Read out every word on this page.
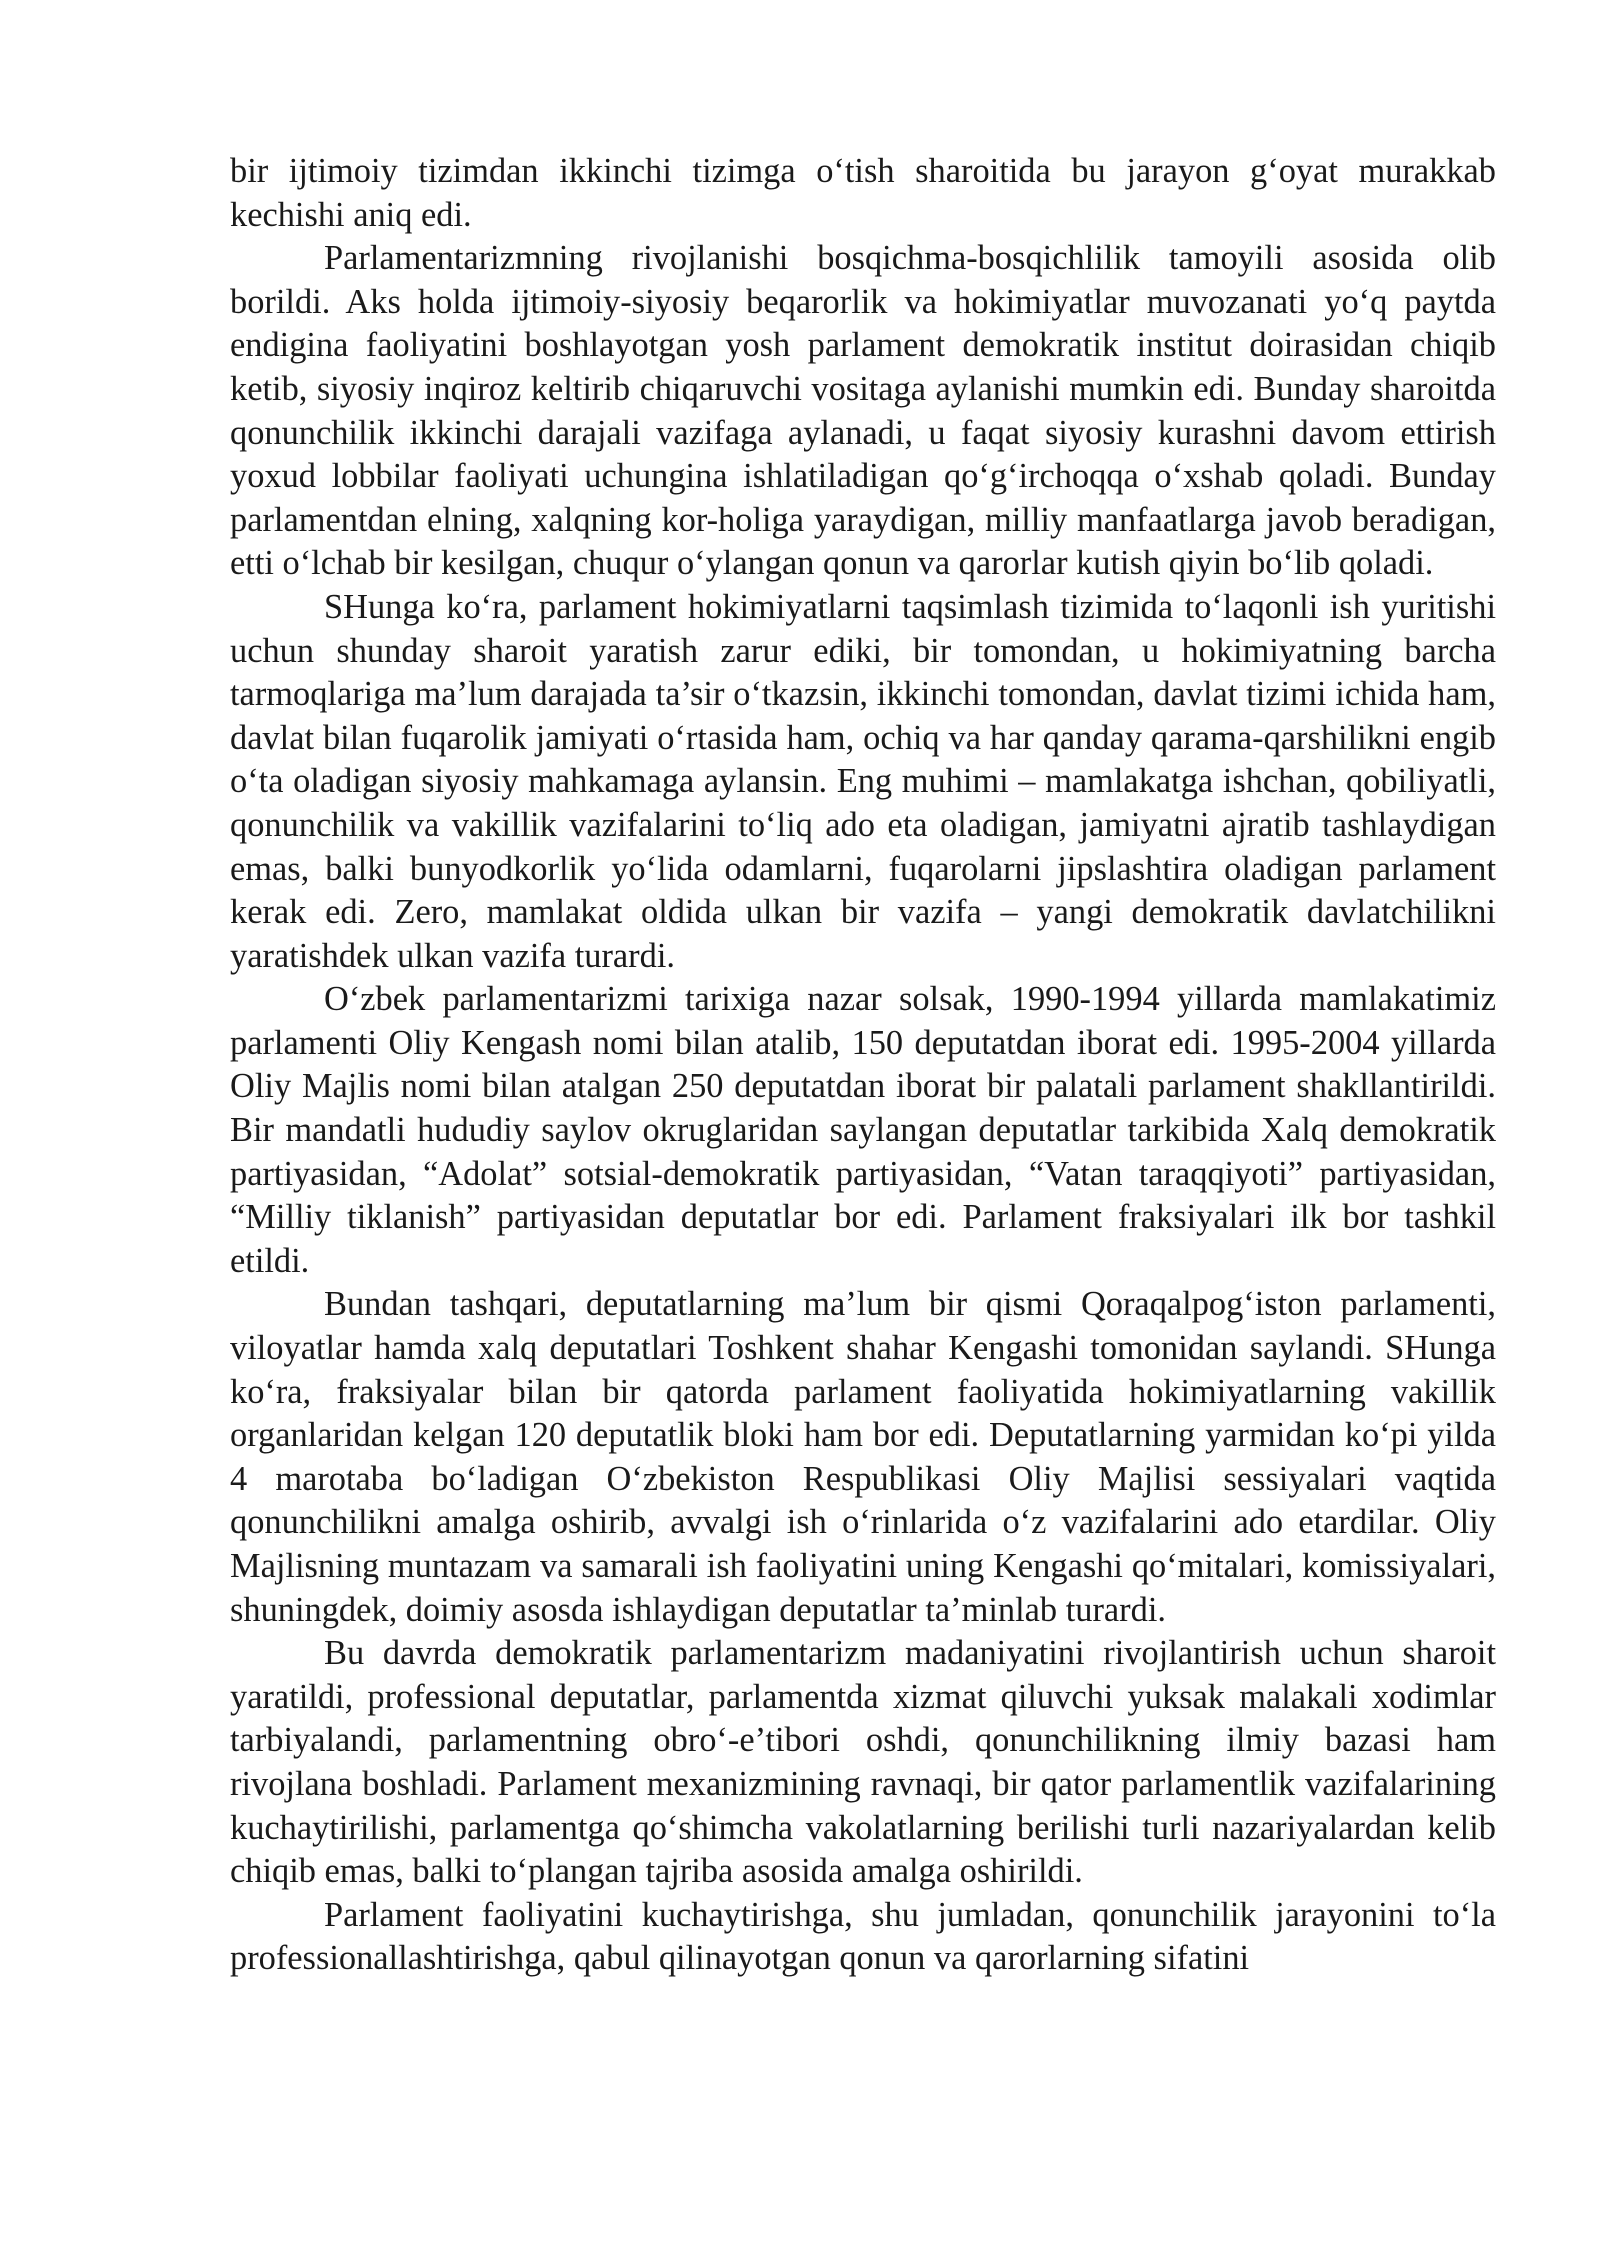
bir ijtimoiy tizimdan ikkinchi tizimga o‘tish sharoitida bu jarayon g‘oyat murakkab kechishi aniq edi.

Parlamentarizmning rivojlanishi bosqichma-bosqichlilik tamoyili asosida olib borildi. Aks holda ijtimoiy-siyosiy beqarorlik va hokimiyatlar muvozanati yo‘q paytda endigina faoliyatini boshlayotgan yosh parlament demokratik institut doirasidan chiqib ketib, siyosiy inqiroz keltirib chiqaruvchi vositaga aylanishi mumkin edi. Bunday sharoitda qonunchilik ikkinchi darajali vazifaga aylanadi, u faqat siyosiy kurashni davom ettirish yoxud lobbilar faoliyati uchungina ishlatiladigan qo‘g‘irchoqqa o‘xshab qoladi. Bunday parlamentdan elning, xalqning kor-holiga yaraydigan, milliy manfaatlarga javob beradigan, etti o‘lchab bir kesilgan, chuqur o‘ylangan qonun va qarorlar kutish qiyin bo‘lib qoladi.

SHunga ko‘ra, parlament hokimiyatlarni taqsimlash tizimida to‘laqonli ish yuritishi uchun shunday sharoit yaratish zarur ediki, bir tomondan, u hokimiyatning barcha tarmoqlariga ma’lum darajada ta’sir o‘tkazsin, ikkinchi tomondan, davlat tizimi ichida ham, davlat bilan fuqarolik jamiyati o‘rtasida ham, ochiq va har qanday qarama-qarshilikni engib o‘ta oladigan siyosiy mahkamaga aylansin. Eng muhimi – mamlakatga ishchan, qobiliyatli, qonunchilik va vakillik vazifalarini to‘liq ado eta oladigan, jamiyatni ajratib tashlaydigan emas, balki bunyodkorlik yo‘lida odamlarni, fuqarolarni jipslashtira oladigan parlament kerak edi. Zero, mamlakat oldida ulkan bir vazifa – yangi demokratik davlatchilikni yaratishdek ulkan vazifa turardi.

O‘zbek parlamentarizmi tarixiga nazar solsak, 1990-1994 yillarda mamlakatimiz parlamenti Oliy Kengash nomi bilan atalib, 150 deputatdan iborat edi. 1995-2004 yillarda Oliy Majlis nomi bilan atalgan 250 deputatdan iborat bir palatali parlament shakllantirildi. Bir mandatli hududiy saylov okruglaridan saylangan deputatlar tarkibida Xalq demokratik partiyasidan, “Adolat” sotsial-demokratik partiyasidan, “Vatan taraqqiyoti” partiyasidan, “Milliy tiklanish” partiyasidan deputatlar bor edi. Parlament fraksiyalari ilk bor tashkil etildi.

Bundan tashqari, deputatlarning ma’lum bir qismi Qoraqalpog‘iston parlamenti, viloyatlar hamda xalq deputatlari Toshkent shahar Kengashi tomonidan saylandi. SHunga ko‘ra, fraksiyalar bilan bir qatorda parlament faoliyatida hokimiyatlarning vakillik organlaridan kelgan 120 deputatlik bloki ham bor edi. Deputatlarning yarmidan ko‘pi yilda 4 marotaba bo‘ladigan O‘zbekiston Respublikasi Oliy Majlisi sessiyalari vaqtida qonunchilikni amalga oshirib, avvalgi ish o‘rinlarida o‘z vazifalarini ado etardilar. Oliy Majlisning muntazam va samarali ish faoliyatini uning Kengashi qo‘mitalari, komissiyalari, shuningdek, doimiy asosda ishlaydigan deputatlar ta’minlab turardi.

Bu davrda demokratik parlamentarizm madaniyatini rivojlantirish uchun sharoit yaratildi, professional deputatlar, parlamentda xizmat qiluvchi yuksak malakali xodimlar tarbiyalandi, parlamentning obro‘-e’tibori oshdi, qonunchilikning ilmiy bazasi ham rivojlana boshladi. Parlament mexanizmining ravnaqi, bir qator parlamentlik vazifalarining kuchaytirilishi, parlamentga qo‘shimcha vakolatlarning berilishi turli nazariyalardan kelib chiqib emas, balki to‘plangan tajriba asosida amalga oshirildi.

Parlament faoliyatini kuchaytirishga, shu jumladan, qonunchilik jarayonini to‘la professionallashtirishga, qabul qilinayotgan qonun va qarorlarning sifatini
